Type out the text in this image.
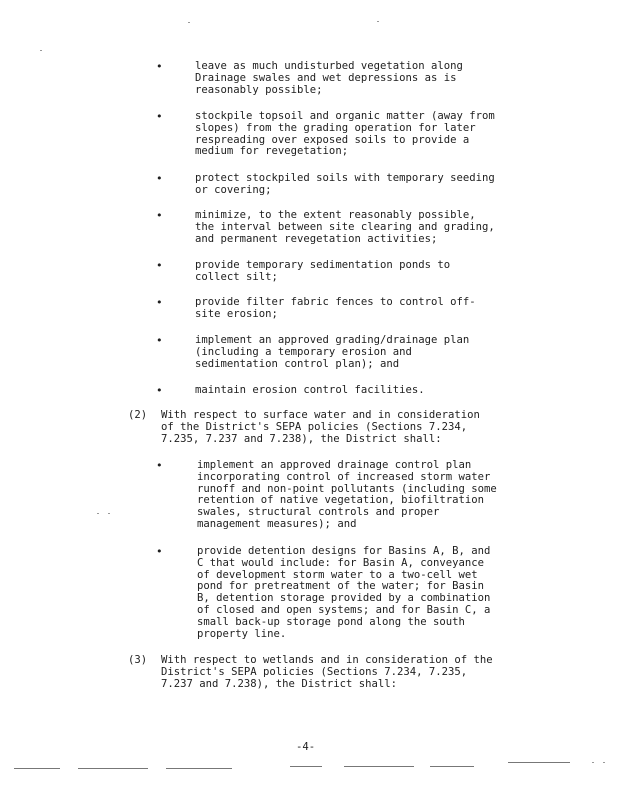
•	leave as much undisturbed vegetation along
Drainage swales and wet depressions as is
reasonably possible;
•	stockpile topsoil and organic matter (away from
slopes) from the grading operation for later
respreading over exposed soils to provide a
medium for revegetation;
•	protect stockpiled soils with temporary seeding
or covering;
•	minimize, to the extent reasonably possible,
the interval between site clearing and grading,
and permanent revegetation activities;
•	provide temporary sedimentation ponds to
collect silt;
•	provide filter fabric fences to control off-
site erosion;
•	implement an approved grading/drainage plan
(including a temporary erosion and
sedimentation control plan); and
•	maintain erosion control facilities.
(2) With respect to surface water and in consideration
of the District's SEPA policies (Sections 7.234,
7.235, 7.237 and 7.238), the District shall:
•	implement an approved drainage control plan
incorporating control of increased storm water
runoff and non-point pollutants (including some
retention of native vegetation, biofiltration
swales, structural controls and proper
management measures); and
•	provide detention designs for Basins A, B, and
C that would include: for Basin A, conveyance
of development storm water to a two-cell wet
pond for pretreatment of the water; for Basin
B, detention storage provided by a combination
of closed and open systems; and for Basin C, a
small back-up storage pond along the south
property line.
(3) With respect to wetlands and in consideration of the
District's SEPA policies (Sections 7.234, 7.235,
7.237 and 7.238), the District shall:
-4-
